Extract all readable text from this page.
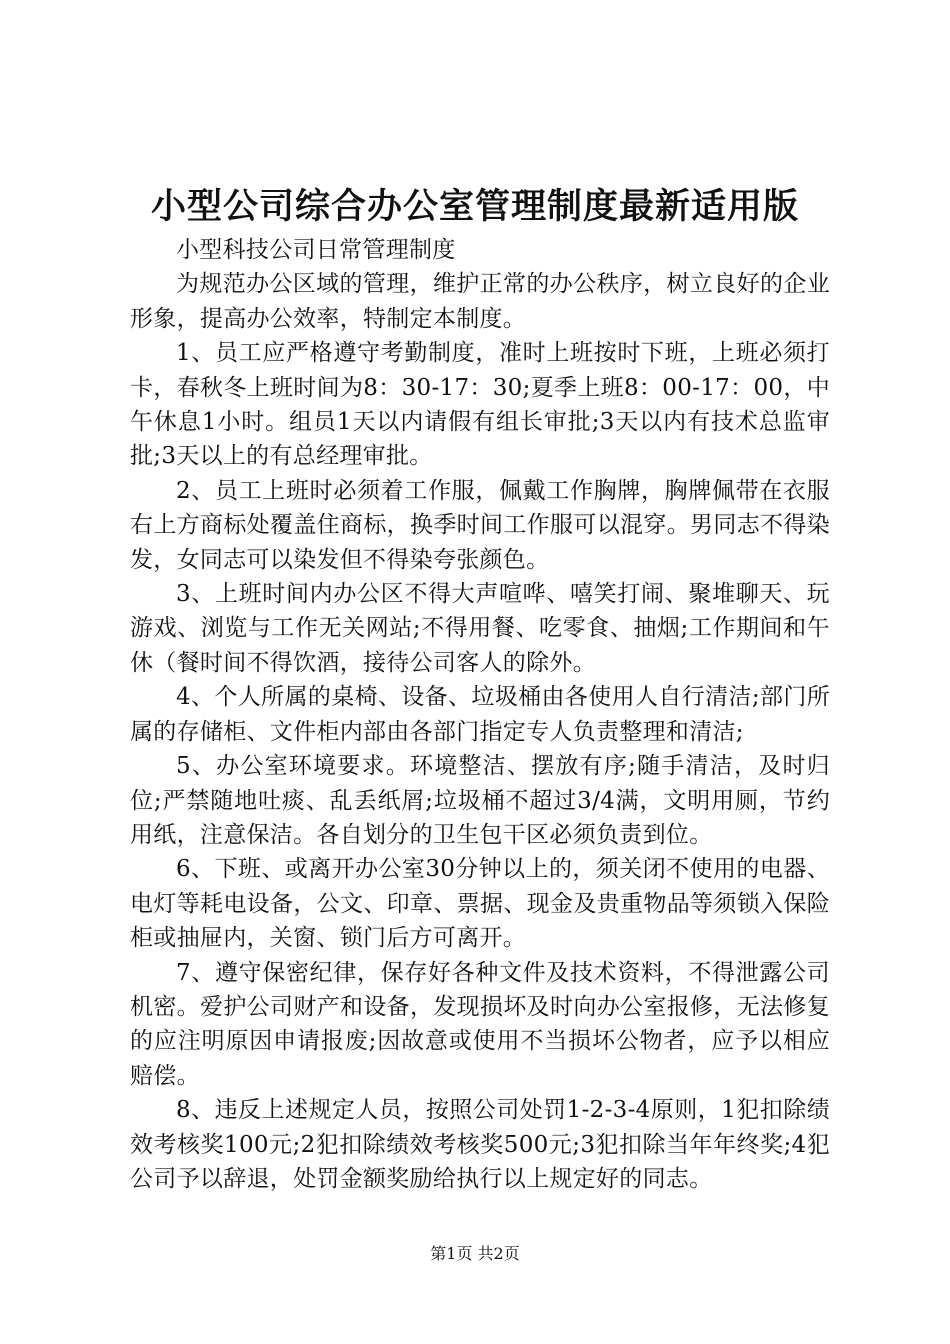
小型公司综合办公室管理制度最新适用版

小型科技公司日常管理制度

为规范办公区域的管理，维护正常的办公秩序，树立良好的企业形象，提高办公效率，特制定本制度。

1、员工应严格遵守考勤制度，准时上班按时下班，上班必须打卡，春秋冬上班时间为8：30-17：30;夏季上班8：00-17：00，中午休息1小时。组员1天以内请假有组长审批;3天以内有技术总监审批;3天以上的有总经理审批。

2、员工上班时必须着工作服，佩戴工作胸牌，胸牌佩带在衣服右上方商标处覆盖住商标，换季时间工作服可以混穿。男同志不得染发，女同志可以染发但不得染夸张颜色。

3、上班时间内办公区不得大声喧哗、嘻笑打闹、聚堆聊天、玩游戏、浏览与工作无关网站;不得用餐、吃零食、抽烟;工作期间和午休（餐时间不得饮酒，接待公司客人的除外。

4、个人所属的桌椅、设备、垃圾桶由各使用人自行清洁;部门所属的存储柜、文件柜内部由各部门指定专人负责整理和清洁;

5、办公室环境要求。环境整洁、摆放有序;随手清洁，及时归位;严禁随地吐痰、乱丢纸屑;垃圾桶不超过3/4满，文明用厕，节约用纸，注意保洁。各自划分的卫生包干区必须负责到位。

6、下班、或离开办公室30分钟以上的，须关闭不使用的电器、电灯等耗电设备，公文、印章、票据、现金及贵重物品等须锁入保险柜或抽屉内，关窗、锁门后方可离开。

7、遵守保密纪律，保存好各种文件及技术资料，不得泄露公司机密。爱护公司财产和设备，发现损坏及时向办公室报修，无法修复的应注明原因申请报废;因故意或使用不当损坏公物者，应予以相应赔偿。

8、违反上述规定人员，按照公司处罚1-2-3-4原则，1犯扣除绩效考核奖100元;2犯扣除绩效考核奖500元;3犯扣除当年年终奖;4犯公司予以辞退，处罚金额奖励给执行以上规定好的同志。

第1页 共2页
